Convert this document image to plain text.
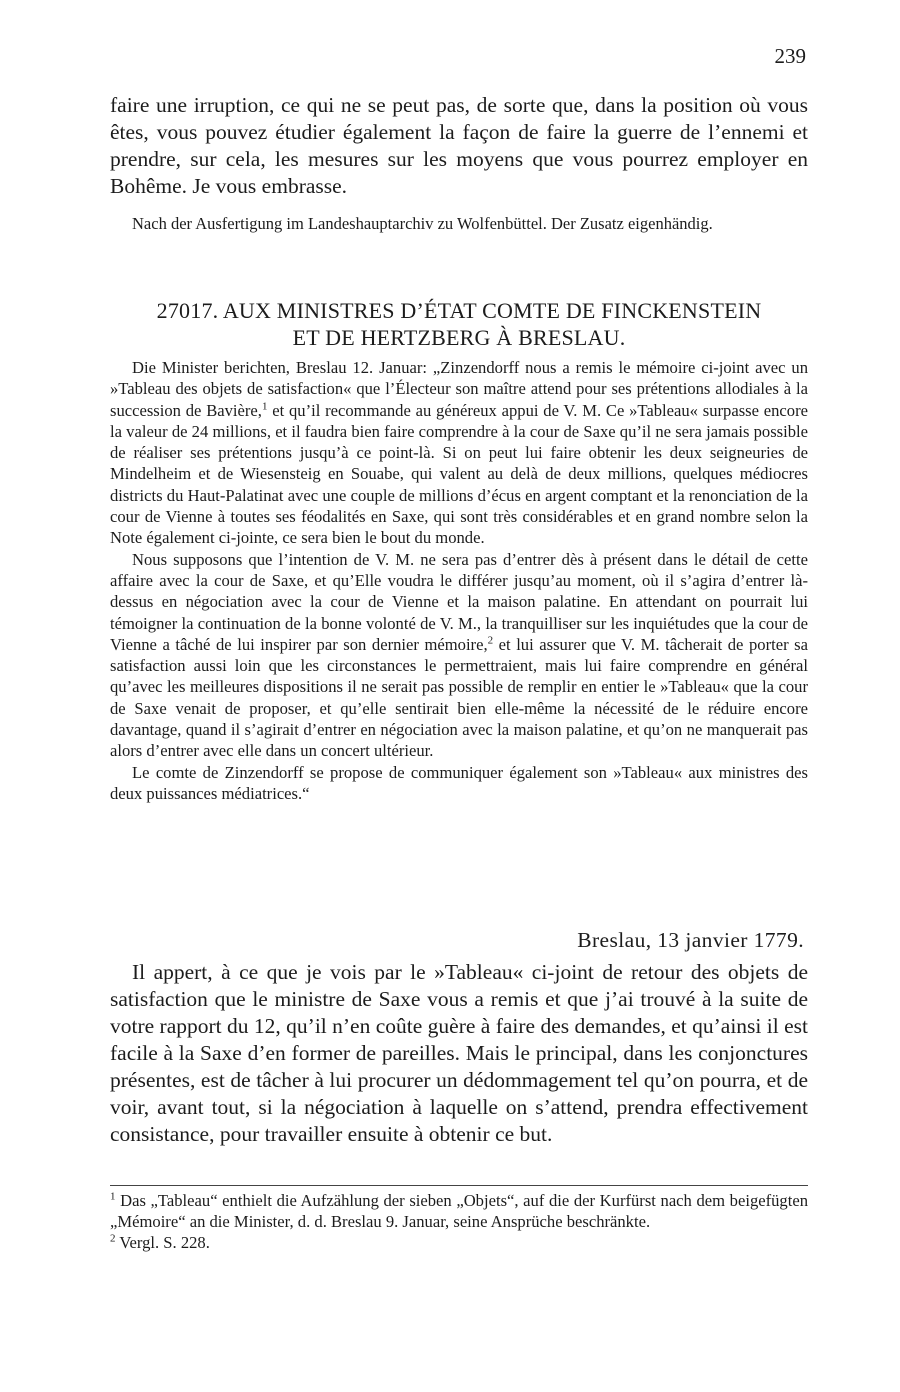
239

faire une irruption, ce qui ne se peut pas, de sorte que, dans la position où vous êtes, vous pouvez étudier également la façon de faire la guerre de l’ennemi et prendre, sur cela, les mesures sur les moyens que vous pourrez employer en Bohême. Je vous embrasse.

Nach der Ausfertigung im Landeshauptarchiv zu Wolfenbüttel. Der Zusatz eigenhändig.

27017. AUX MINISTRES D’ÉTAT COMTE DE FINCKENSTEIN
ET DE HERTZBERG À BRESLAU.

Die Minister berichten, Breslau 12. Januar: „Zinzendorff nous a remis le mémoire ci-joint avec un »Tableau des objets de satisfaction« que l’Électeur son maître attend pour ses prétentions allodiales à la succession de Bavière,$^1$ et qu’il recommande au généreux appui de V. M. Ce »Tableau« surpasse encore la valeur de 24 millions, et il faudra bien faire comprendre à la cour de Saxe qu’il ne sera jamais possible de réaliser ses prétentions jusqu’à ce point-là. Si on peut lui faire obtenir les deux seigneuries de Mindelheim et de Wiesensteig en Souabe, qui valent au delà de deux millions, quelques médiocres districts du Haut-Palatinat avec une couple de millions d’écus en argent comptant et la renonciation de la cour de Vienne à toutes ses féodalités en Saxe, qui sont très considérables et en grand nombre selon la Note également ci-jointe, ce sera bien le bout du monde.

Nous supposons que l’intention de V. M. ne sera pas d’entrer dès à présent dans le détail de cette affaire avec la cour de Saxe, et qu’Elle voudra le différer jusqu’au moment, où il s’agira d’entrer là-dessus en négociation avec la cour de Vienne et la maison palatine. En attendant on pourrait lui témoigner la continuation de la bonne volonté de V. M., la tranquilliser sur les inquiétudes que la cour de Vienne a tâché de lui inspirer par son dernier mémoire,$^2$ et lui assurer que V. M. tâcherait de porter sa satisfaction aussi loin que les circonstances le permettraient, mais lui faire comprendre en général qu’avec les meilleures dispositions il ne serait pas possible de remplir en entier le »Tableau« que la cour de Saxe venait de proposer, et qu’elle sentirait bien elle-même la nécessité de le réduire encore davantage, quand il s’agirait d’entrer en négociation avec la maison palatine, et qu’on ne manquerait pas alors d’entrer avec elle dans un concert ultérieur.

Le comte de Zinzendorff se propose de communiquer également son »Tableau« aux ministres des deux puissances médiatrices.“

Breslau, 13 janvier 1779.

Il appert, à ce que je vois par le »Tableau« ci-joint de retour des objets de satisfaction que le ministre de Saxe vous a remis et que j’ai trouvé à la suite de votre rapport du 12, qu’il n’en coûte guère à faire des demandes, et qu’ainsi il est facile à la Saxe d’en former de pareilles. Mais le principal, dans les conjonctures présentes, est de tâcher à lui procurer un dédommagement tel qu’on pourra, et de voir, avant tout, si la négociation à laquelle on s’attend, prendra effectivement consistance, pour travailler ensuite à obtenir ce but.

$^1$ Das „Tableau“ enthielt die Aufzählung der sieben „Objets“, auf die der Kurfürst nach dem beigefügten „Mémoire“ an die Minister, d. d. Breslau 9. Januar, seine Ansprüche beschränkte.

$^2$ Vergl. S. 228.
